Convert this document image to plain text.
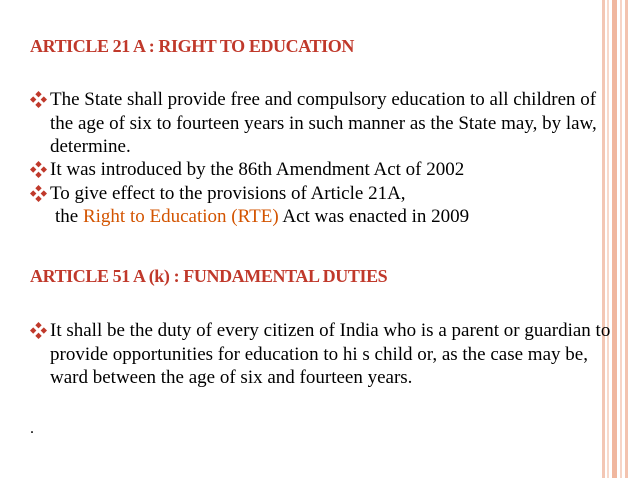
ARTICLE 21 A : RIGHT TO EDUCATION
The State shall provide free and compulsory education to all children of the age of six to fourteen years in such manner as the State may, by law, determine.
It was introduced by the 86th Amendment Act of 2002
To give effect to the provisions of Article 21A,
the Right to Education (RTE) Act was enacted in 2009
ARTICLE 51 A (k) : FUNDAMENTAL DUTIES
It shall be the duty of every citizen of India who is a parent or guardian to provide opportunities for education to hi s child or, as the case may be, ward between the age of six and fourteen years.
.
